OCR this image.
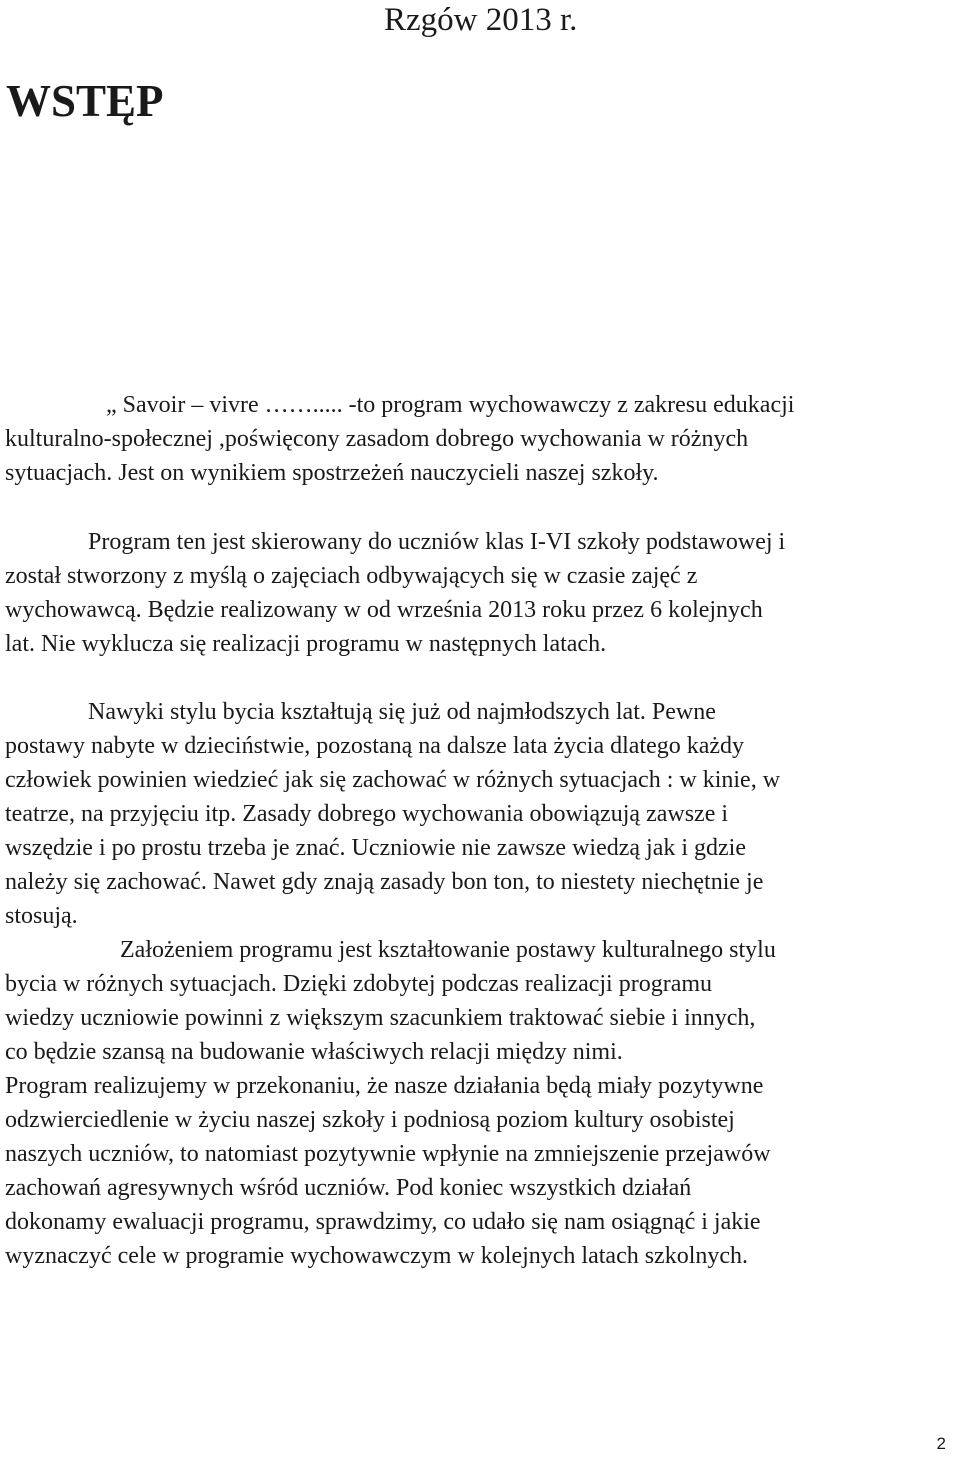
Rzgów 2013 r.
WSTĘP
„ Savoir – vivre ……..... -to program wychowawczy z zakresu edukacji
kulturalno-społecznej ,poświęcony zasadom dobrego wychowania w różnych
sytuacjach. Jest on wynikiem spostrzeżeń nauczycieli naszej szkoły.
Program ten jest skierowany do uczniów klas I-VI szkoły podstawowej i
został stworzony z myślą o zajęciach odbywających się w czasie zajęć z
wychowawcą. Będzie realizowany w od września 2013 roku przez 6 kolejnych
lat. Nie wyklucza się realizacji programu w następnych latach.
Nawyki stylu bycia kształtują się już od najmłodszych lat. Pewne
postawy nabyte w dzieciństwie, pozostaną na dalsze lata życia dlatego każdy
człowiek powinien wiedzieć jak się zachować w różnych sytuacjach : w kinie, w
teatrze, na przyjęciu itp. Zasady dobrego wychowania obowiązują zawsze i
wszędzie i po prostu trzeba je znać. Uczniowie nie zawsze wiedzą jak i gdzie
należy się zachować. Nawet gdy znają zasady bon ton, to niestety niechętnie je
stosują.
Założeniem programu jest kształtowanie postawy kulturalnego stylu
bycia w różnych sytuacjach. Dzięki zdobytej podczas realizacji programu
wiedzy uczniowie powinni z większym szacunkiem traktować siebie i innych,
co będzie szansą na budowanie właściwych relacji między nimi.
Program realizujemy w przekonaniu, że nasze działania będą miały pozytywne
odzwierciedlenie w życiu naszej szkoły i podniosą poziom kultury osobistej
naszych uczniów, to natomiast pozytywnie wpłynie na zmniejszenie przejawów
zachowań agresywnych wśród uczniów. Pod koniec wszystkich działań
dokonamy ewaluacji programu, sprawdzimy, co udało się nam osiągnąć i jakie
wyznaczyć cele w programie wychowawczym w kolejnych latach szkolnych.
2
